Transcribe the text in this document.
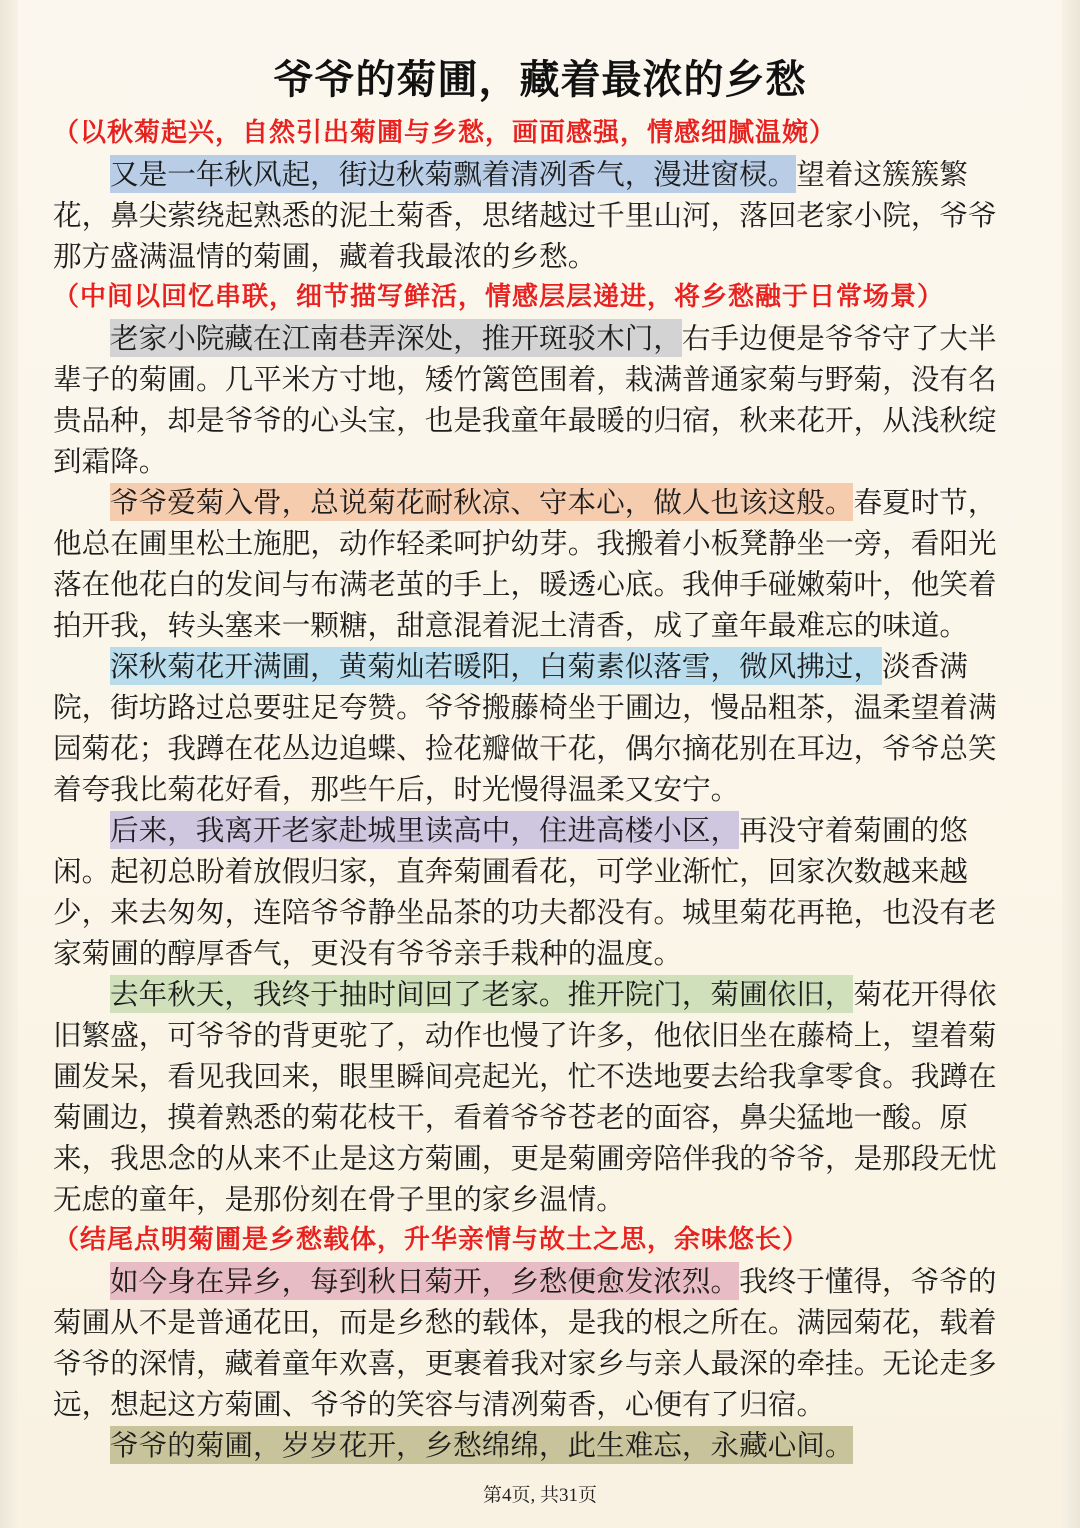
爷爷的菊圃，藏着最浓的乡愁
（以秋菊起兴，自然引出菊圃与乡愁，画面感强，情感细腻温婉）
又是一年秋风起，街边秋菊飘着清冽香气，漫进窗棂。望着这簇簇繁
花，鼻尖萦绕起熟悉的泥土菊香，思绪越过千里山河，落回老家小院，爷爷
那方盛满温情的菊圃，藏着我最浓的乡愁。
（中间以回忆串联，细节描写鲜活，情感层层递进，将乡愁融于日常场景）
老家小院藏在江南巷弄深处，推开斑驳木门，右手边便是爷爷守了大半
辈子的菊圃。几平米方寸地，矮竹篱笆围着，栽满普通家菊与野菊，没有名
贵品种，却是爷爷的心头宝，也是我童年最暖的归宿，秋来花开，从浅秋绽
到霜降。
爷爷爱菊入骨，总说菊花耐秋凉、守本心，做人也该这般。春夏时节，
他总在圃里松土施肥，动作轻柔呵护幼芽。我搬着小板凳静坐一旁，看阳光
落在他花白的发间与布满老茧的手上，暖透心底。我伸手碰嫩菊叶，他笑着
拍开我，转头塞来一颗糖，甜意混着泥土清香，成了童年最难忘的味道。
深秋菊花开满圃，黄菊灿若暖阳，白菊素似落雪，微风拂过，淡香满
院，街坊路过总要驻足夸赞。爷爷搬藤椅坐于圃边，慢品粗茶，温柔望着满
园菊花；我蹲在花丛边追蝶、捡花瓣做干花，偶尔摘花别在耳边，爷爷总笑
着夸我比菊花好看，那些午后，时光慢得温柔又安宁。
后来，我离开老家赴城里读高中，住进高楼小区，再没守着菊圃的悠
闲。起初总盼着放假归家，直奔菊圃看花，可学业渐忙，回家次数越来越
少，来去匆匆，连陪爷爷静坐品茶的功夫都没有。城里菊花再艳，也没有老
家菊圃的醇厚香气，更没有爷爷亲手栽种的温度。
去年秋天，我终于抽时间回了老家。推开院门，菊圃依旧，菊花开得依
旧繁盛，可爷爷的背更驼了，动作也慢了许多，他依旧坐在藤椅上，望着菊
圃发呆，看见我回来，眼里瞬间亮起光，忙不迭地要去给我拿零食。我蹲在
菊圃边，摸着熟悉的菊花枝干，看着爷爷苍老的面容，鼻尖猛地一酸。原
来，我思念的从来不止是这方菊圃，更是菊圃旁陪伴我的爷爷，是那段无忧
无虑的童年，是那份刻在骨子里的家乡温情。
（结尾点明菊圃是乡愁载体，升华亲情与故土之思，余味悠长）
如今身在异乡，每到秋日菊开，乡愁便愈发浓烈。我终于懂得，爷爷的
菊圃从不是普通花田，而是乡愁的载体，是我的根之所在。满园菊花，载着
爷爷的深情，藏着童年欢喜，更裹着我对家乡与亲人最深的牵挂。无论走多
远，想起这方菊圃、爷爷的笑容与清冽菊香，心便有了归宿。
爷爷的菊圃，岁岁花开，乡愁绵绵，此生难忘，永藏心间。
第4页, 共31页
